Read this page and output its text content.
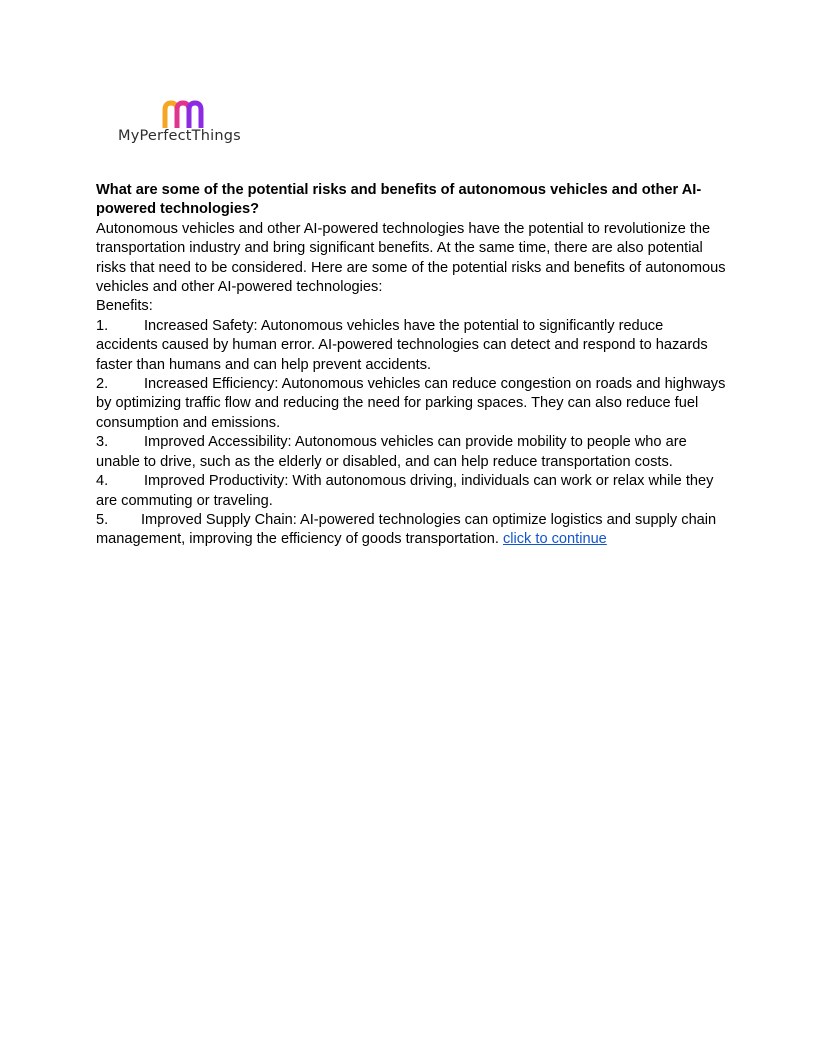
MyPerfectThings

What are some of the potential risks and benefits of autonomous vehicles and other AI-powered technologies?

Autonomous vehicles and other AI-powered technologies have the potential to revolutionize the transportation industry and bring significant benefits. At the same time, there are also potential risks that need to be considered. Here are some of the potential risks and benefits of autonomous vehicles and other AI-powered technologies:

Benefits:

1. Increased Safety: Autonomous vehicles have the potential to significantly reduce accidents caused by human error. AI-powered technologies can detect and respond to hazards faster than humans and can help prevent accidents.

2. Increased Efficiency: Autonomous vehicles can reduce congestion on roads and highways by optimizing traffic flow and reducing the need for parking spaces. They can also reduce fuel consumption and emissions.

3. Improved Accessibility: Autonomous vehicles can provide mobility to people who are unable to drive, such as the elderly or disabled, and can help reduce transportation costs.

4. Improved Productivity: With autonomous driving, individuals can work or relax while they are commuting or traveling.

5. Improved Supply Chain: AI-powered technologies can optimize logistics and supply chain management, improving the efficiency of goods transportation. click to continue
